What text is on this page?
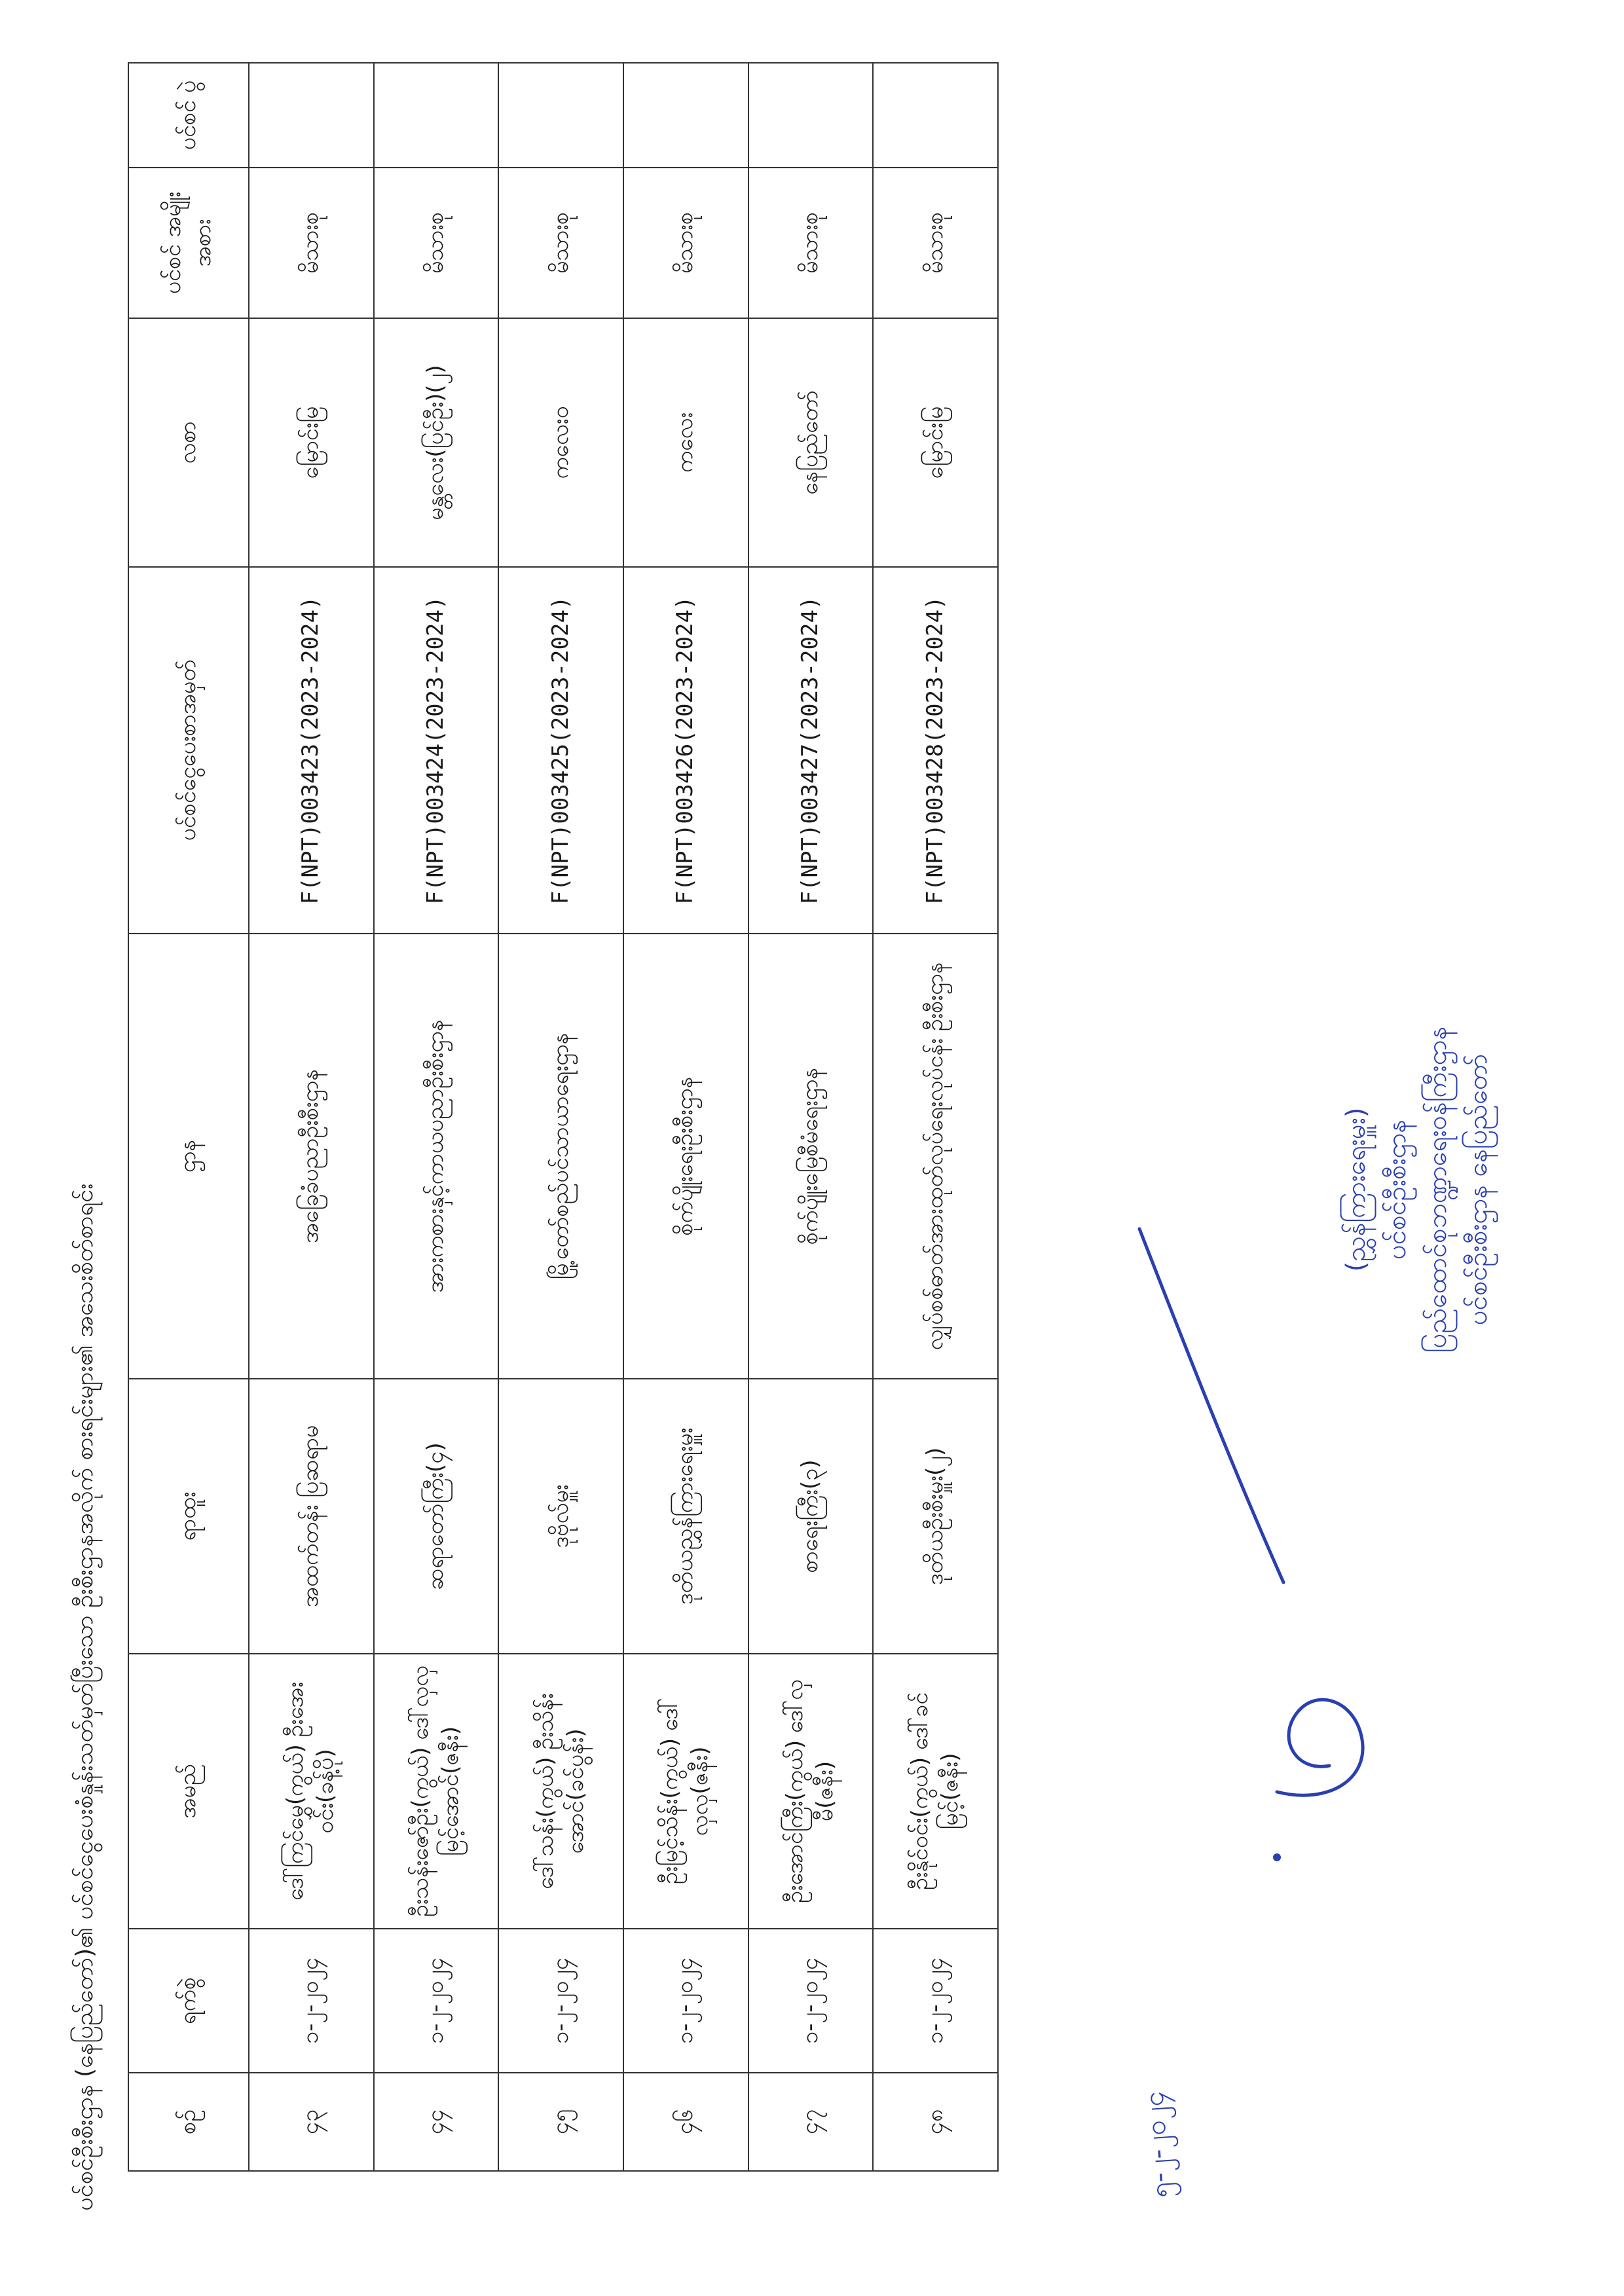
ပင်စင်ဦးစီးဌာန (နေပြည်တော်)၏ ပင်စင်ငွေပေးစံနှုန်းသတ်မှတ်ပြီးသော ဦးစီးဌာနအလိုက် စားရင်းများ၏ အသေးစိတ်စာရင်း	စဉ်	ရက်စွဲ	အမည်	ရာထူး	ဌာန	ပင်စင်ငွေပေးစာအမှတ်	လစာ	ပင်စင် အမျိုးအစား	ပင်စင် ပွဲ
၄၃	၁-၂-၂၀၂၄	ဒေါ်ကြင်မွှေ(ကွယ်) ဦးအေးဝင်း(ခန့်ပို)	အထက်တန်း ပြဆရာမ	အခြေခံပညာဦးစီးဌာန	F(NPT)003423(2023-2024)	မြောင်းမြ	မိသားစု	
၄၄	၁-၂-၂၀၂၄	ဦးသန်းဇော်ဦး(ကွယ်) ဒေါ်လှလှမြင့်အောင်(ဇနီး)	ဆရာတော်ကြီး(၄)	အားကစားနှင့်ကာယပညာဦးစီးဌာန	F(NPT)003424(2023-2024)	မန္တလေး(ပြင်ဦး)(၂)	မိသားစု	
၄၅	၁-၂-၂၀၂၄	ဒေါ်သန်း(ကွယ်) ဦးသိန်းအောင်(ခင်ပွန်း)	ဒုဗိုလ်မှူး	မြို့တော်စည်ပင်သာယာရေးဌာန	F(NPT)003425(2023-2024)	ကလေးဝ	မိသားစု	
၄၆	၁-၂-၂၀၂၄	ဦးမြင့်သိန်း(ကွယ်) ဒေါ်လှလှ(ဇနီး)	ဒုတိယညွှန်ကြားရေးမှူး	စိုက်ပျိုးရေးဦးစီးဌာန	F(NPT)003426(2023-2024)	ကလေး	မိသားစု	
၄၇	၁-၂-၂၀၂၄	ဦးအောင်ကြီး(ကွယ်) ဒေါ်လှမီ(ဇနီး)	စာရေးကြီး(၃)	စိုက်ပျိုးမြေစီမံရေးဌာန	F(NPT)003427(2023-2024)	နေပြည်တော်	မိသားစု	
၄၈	၁-၂-၂၀၂၄	ဦးနိုင်ဝင်း(ကွယ်) ဒေါ်ခင်မြင့်(ဇနီး)	ဒုတိယဦးစီးမှူး(၂)	လျှပ်စစ်ဓာတ်အားထုတ်လုပ်ရေးလုပ်ငန်း ဦးစီးဌာန	F(NPT)003428(2023-2024)	မြောင်းမြ	မိသားစု	
၅-၂-၂၀၂၄
(ညွှန်ကြားရေးမှူး) ပင်စင်ဦးစီးဌာန ပြည်ထောင်စုဘဏ္ဍာရေးဝန်ကြီးဌာန ပင်စင်ဦးစီးဌာန နေပြည်တော်
